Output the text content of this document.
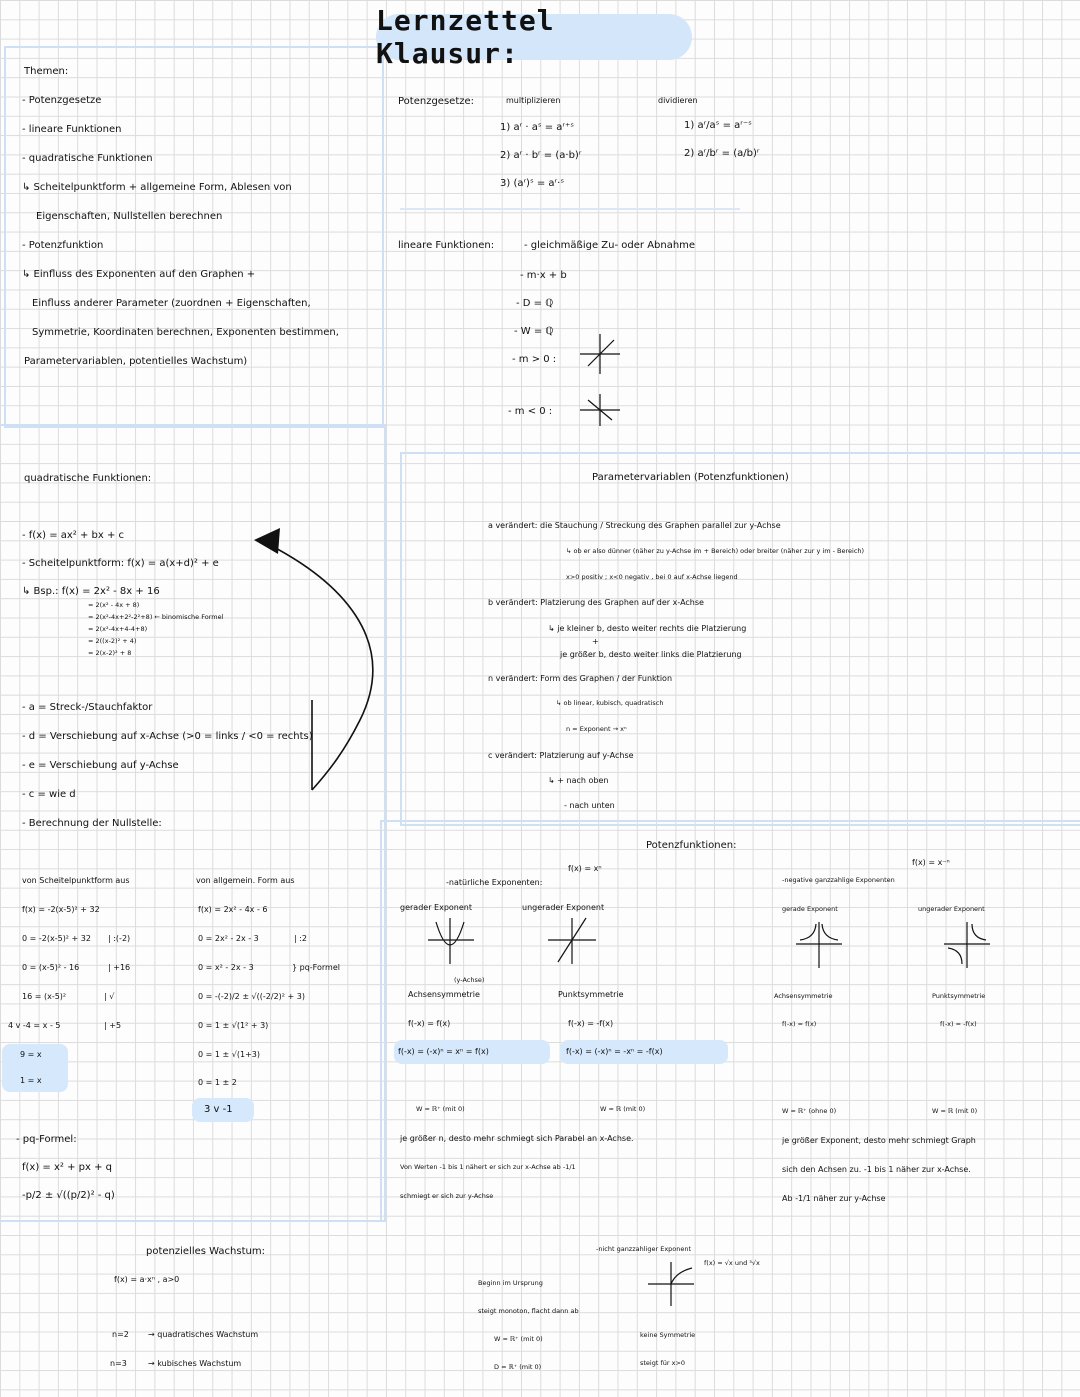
Lernzettel Klausur:
Themen:
- Potenzgesetze
- lineare Funktionen
- quadratische Funktionen
↳ Scheitelpunktform + allgemeine Form, Ablesen von
Eigenschaften, Nullstellen berechnen
- Potenzfunktion
↳ Einfluss des Exponenten auf den Graphen +
Einfluss anderer Parameter (zuordnen + Eigenschaften,
Symmetrie, Koordinaten berechnen, Exponenten bestimmen,
Parametervariablen, potentielles Wachstum)
Potenzgesetze:	multiplizieren
1) aʳ · aˢ = aʳ⁺ˢ
2) aʳ · bʳ = (a·b)ʳ
3) (aʳ)ˢ = aʳ·ˢ
dividieren
1) aʳ/aˢ = aʳ⁻ˢ
2) aʳ/bʳ = (a/b)ʳ
lineare Funktionen:	- gleichmäßige Zu- oder Abnahme
- m·x + b
- D = ℚ
- W = ℚ
- m > 0 :
- m < 0 :
quadratische Funktionen:
- f(x) = ax² + bx + c
- Scheitelpunktform: f(x) = a(x+d)² + e
↳ Bsp.: f(x) = 2x² - 8x + 16
= 2(x² - 4x + 8)
= 2(x²-4x+2²-2²+8) ← binomische Formel
= 2(x²-4x+4-4+8)
= 2((x-2)² + 4)
= 2(x-2)² + 8
- a = Streck-/Stauchfaktor
- d = Verschiebung auf x-Achse (>0 = links / <0 = rechts)
- e = Verschiebung auf y-Achse
- c = wie d
- Berechnung der Nullstelle:
von Scheitelpunktform aus
f(x) = -2(x-5)² + 32
0 = -2(x-5)² + 32 | :(-2)
0 = (x-5)² - 16	| +16
16 = (x-5)²	| √
4 v -4 = x - 5	| +5
9 = x
1 = x
von allgemein. Form aus
f(x) = 2x² - 4x - 6
0 = 2x² - 2x - 3	| :2
0 = x² - 2x - 3	} pq-Formel
0 = -(-2)/2 ± √((-2/2)² + 3)
0 = 1 ± √(1² + 3)
0 = 1 ± √(1+3)
0 = 1 ± 2
3 v -1
- pq-Formel:
f(x) = x² + px + q
-p/2 ± √((p/2)² - q)
potenzielles Wachstum:
f(x) = a·xⁿ , a>0
n=2 → quadratisches Wachstum
n=3	→ kubisches Wachstum
Parametervariablen (Potenzfunktionen)
a verändert: die Stauchung / Streckung des Graphen parallel zur y-Achse
↳ ob er also dünner (näher zu y-Achse im + Bereich) oder breiter (näher zur y im - Bereich)
x>0 positiv ; x<0 negativ , bei 0 auf x-Achse liegend
b verändert: Platzierung des Graphen auf der x-Achse
↳ je kleiner b, desto weiter rechts die Platzierung
+
je größer b, desto weiter links die Platzierung
n verändert: Form des Graphen / der Funktion
↳ ob linear, kubisch, quadratisch
n = Exponent → xⁿ
c verändert: Platzierung auf y-Achse
↳ + nach oben
- nach unten
Potenzfunktionen:
f(x) = xⁿ
-natürliche Exponenten:
gerader Exponent	ungerader Exponent
(y-Achse)
Achsensymmetrie	Punktsymmetrie
f(-x) = f(x)	f(-x) = -f(x)
f(-x) = (-x)ⁿ = xⁿ = f(x)	f(-x) = (-x)ⁿ = -xⁿ = -f(x)
W = ℝ⁺ (mit 0)	W = ℝ (mit 0)
je größer n, desto mehr schmiegt sich Parabel an x-Achse.
Von Werten -1 bis 1 nähert er sich zur x-Achse ab -1/1
schmiegt er sich zur y-Achse
f(x) = x⁻ⁿ
-negative ganzzahlige Exponenten
gerade Exponent	ungerader Exponent
Achsensymmetrie	Punktsymmetrie
f(-x) = f(x)	f(-x) = -f(x)
W = ℝ⁺ (ohne 0)	W = ℝ (mit 0)
je größer Exponent, desto mehr schmiegt Graph
sich den Achsen zu. -1 bis 1 näher zur x-Achse.
Ab -1/1 näher zur y-Achse
-nicht ganzzahliger Exponent
f(x) = √x und ³√x
Beginn im Ursprung
steigt monoton, flacht dann ab
W = ℝ⁺ (mit 0)
D = ℝ⁺ (mit 0)
keine Symmetrie
steigt für x>0
